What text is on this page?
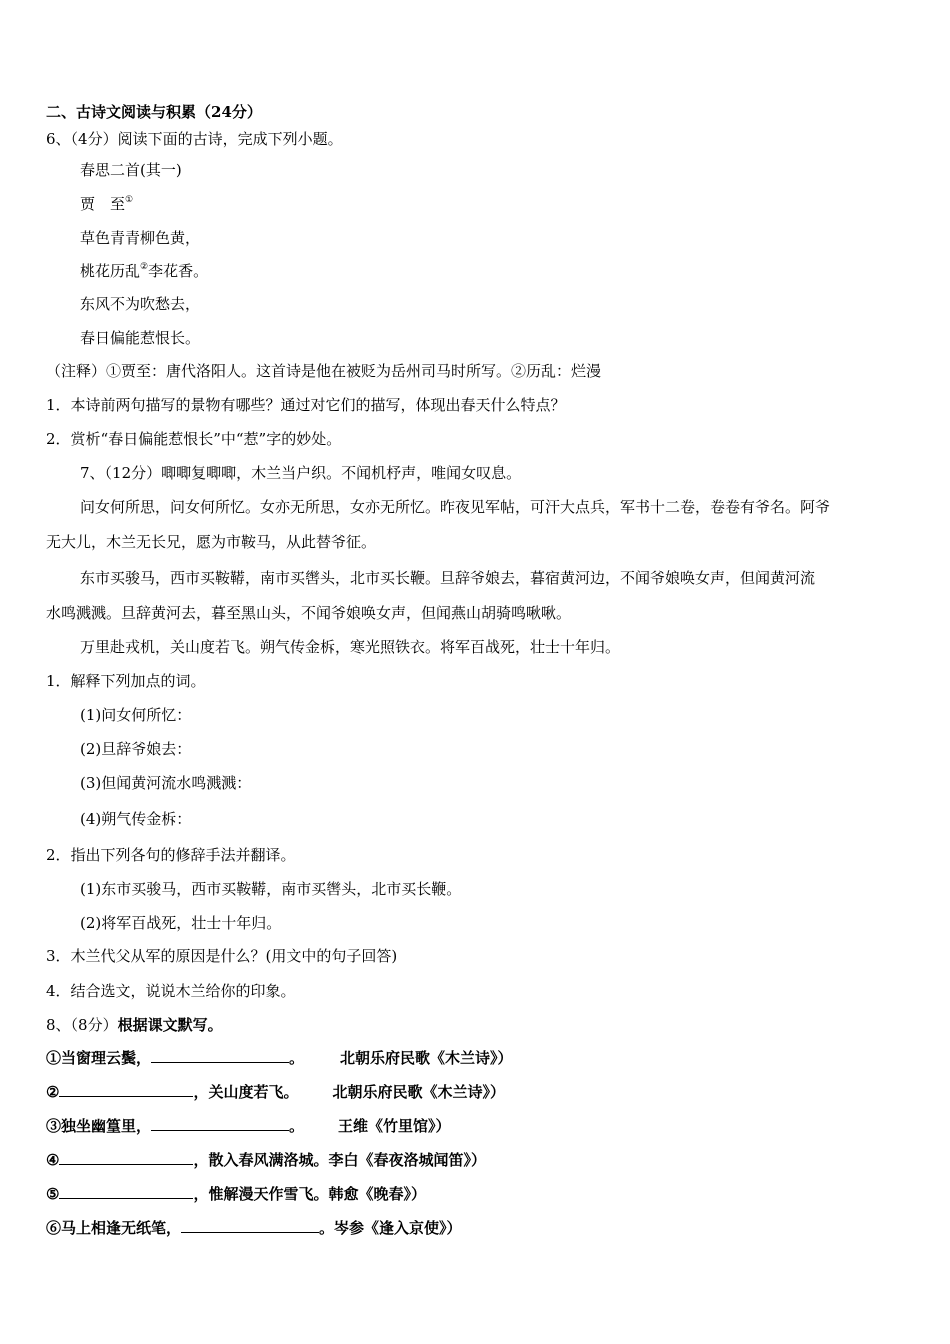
二、古诗文阅读与积累（24分）
6、（4分）阅读下面的古诗，完成下列小题。
春思二首(其一)
贾　至①
草色青青柳色黄，
桃花历乱②李花香。
东风不为吹愁去，
春日偏能惹恨长。
（注释）①贾至：唐代洛阳人。这首诗是他在被贬为岳州司马时所写。②历乱：烂漫
1．本诗前两句描写的景物有哪些？通过对它们的描写，体现出春天什么特点？
2．赏析“春日偏能惹恨长”中“惹”字的妙处。
7、（12分）唧唧复唧唧，木兰当户织。不闻机杼声，唯闻女叹息。
问女何所思，问女何所忆。女亦无所思，女亦无所忆。昨夜见军帖，可汗大点兵，军书十二卷，卷卷有爷名。阿爷
无大儿，木兰无长兄，愿为市鞍马，从此替爷征。
东市买骏马，西市买鞍鞯，南市买辔头，北市买长鞭。旦辞爷娘去，暮宿黄河边，不闻爷娘唤女声，但闻黄河流
水鸣溅溅。旦辞黄河去，暮至黑山头，不闻爷娘唤女声，但闻燕山胡骑鸣啾啾。
万里赴戎机，关山度若飞。朔气传金柝，寒光照铁衣。将军百战死，壮士十年归。
1．解释下列加点的词。
(1)问女何所忆：
(2)旦辞爷娘去：
(3)但闻黄河流水鸣溅溅：
(4)朔气传金柝：
2．指出下列各句的修辞手法并翻译。
(1)东市买骏马，西市买鞍鞯，南市买辔头，北市买长鞭。
(2)将军百战死，壮士十年归。
3．木兰代父从军的原因是什么？(用文中的句子回答)
4．结合选文，说说木兰给你的印象。
8、（8分）根据课文默写。
①当窗理云鬓，	。 北朝乐府民歌《木兰诗》）
②	，关山度若飞。 北朝乐府民歌《木兰诗》）
③独坐幽篁里，	。 王维《竹里馆》）
④	，散入春风满洛城。李白《春夜洛城闻笛》）
⑤	，惟解漫天作雪飞。韩愈《晚春》）
⑥马上相逢无纸笔，	。岑参《逢入京使》）
